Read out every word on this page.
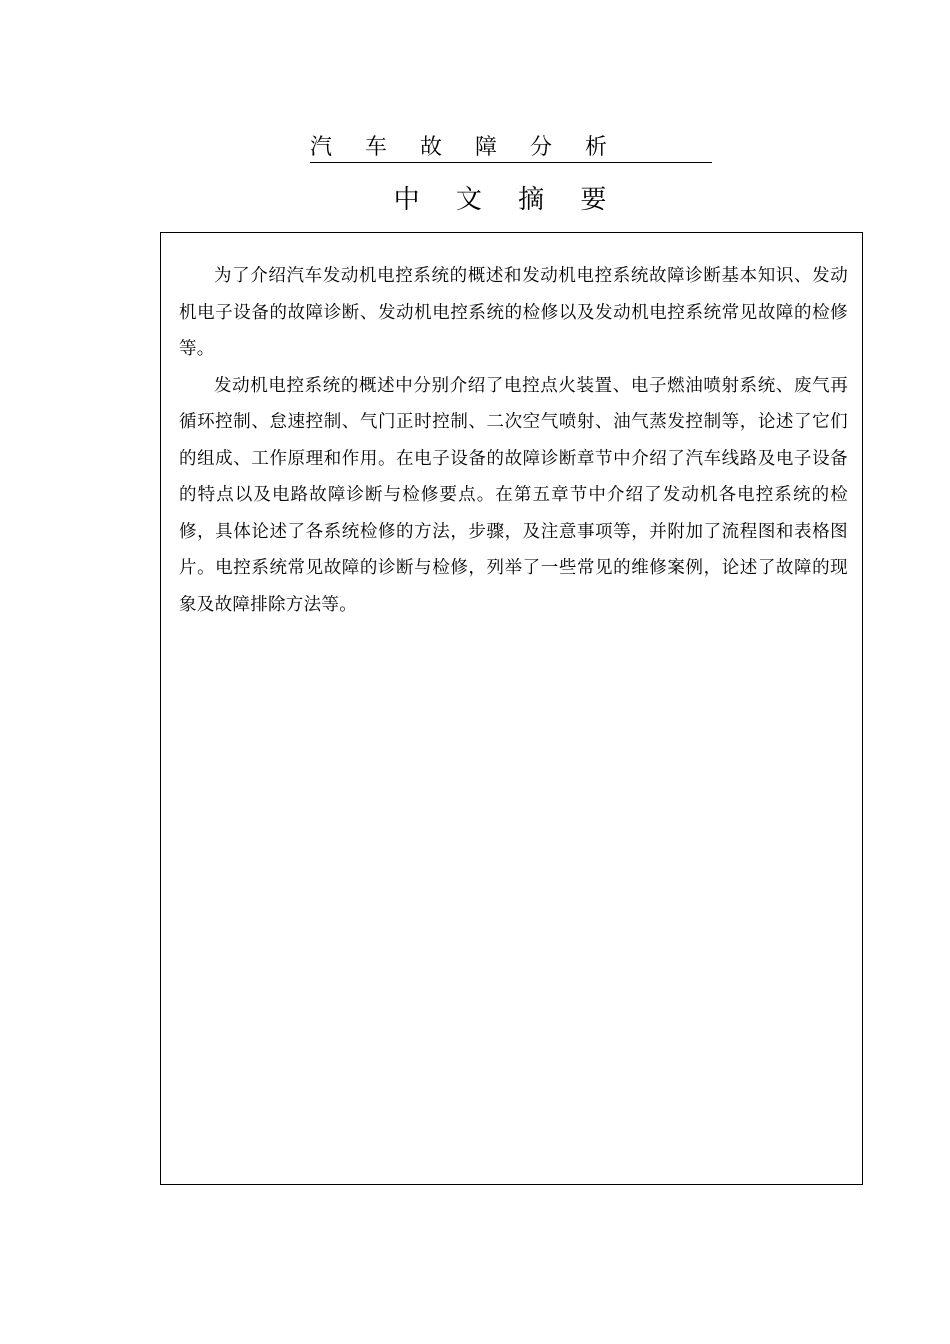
汽 车 故 障 分 析
中 文 摘 要

为了介绍汽车发动机电控系统的概述和发动机电控系统故障诊断基本知识、发动机电子设备的故障诊断、发动机电控系统的检修以及发动机电控系统常见故障的检修等。

发动机电控系统的概述中分别介绍了电控点火装置、电子燃油喷射系统、废气再循环控制、怠速控制、气门正时控制、二次空气喷射、油气蒸发控制等，论述了它们的组成、工作原理和作用。在电子设备的故障诊断章节中介绍了汽车线路及电子设备的特点以及电路故障诊断与检修要点。在第五章节中介绍了发动机各电控系统的检修，具体论述了各系统检修的方法，步骤，及注意事项等，并附加了流程图和表格图片。电控系统常见故障的诊断与检修，列举了一些常见的维修案例，论述了故障的现象及故障排除方法等。
